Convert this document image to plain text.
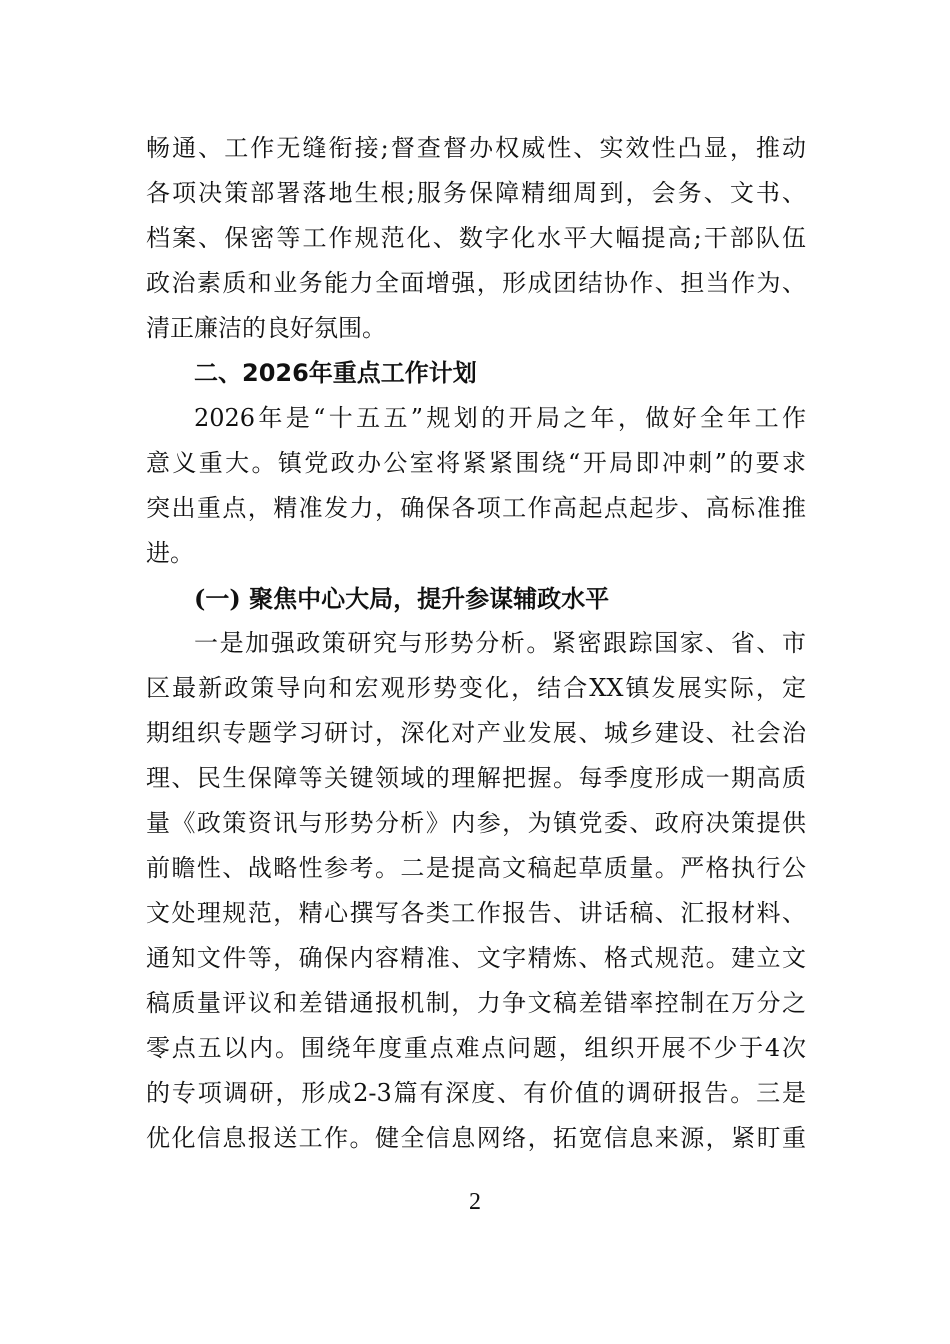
畅通、工作无缝衔接;督查督办权威性、实效性凸显，推动
各项决策部署落地生根;服务保障精细周到，会务、文书、
档案、保密等工作规范化、数字化水平大幅提高;干部队伍
政治素质和业务能力全面增强，形成团结协作、担当作为、
清正廉洁的良好氛围。
二、2026年重点工作计划
2026年是“十五五”规划的开局之年，做好全年工作
意义重大。镇党政办公室将紧紧围绕“开局即冲刺”的要求
突出重点，精准发力，确保各项工作高起点起步、高标准推
进。
(一) 聚焦中心大局，提升参谋辅政水平
一是加强政策研究与形势分析。紧密跟踪国家、省、市
区最新政策导向和宏观形势变化，结合XX镇发展实际，定
期组织专题学习研讨，深化对产业发展、城乡建设、社会治
理、民生保障等关键领域的理解把握。每季度形成一期高质
量《政策资讯与形势分析》内参，为镇党委、政府决策提供
前瞻性、战略性参考。二是提高文稿起草质量。严格执行公
文处理规范，精心撰写各类工作报告、讲话稿、汇报材料、
通知文件等，确保内容精准、文字精炼、格式规范。建立文
稿质量评议和差错通报机制，力争文稿差错率控制在万分之
零点五以内。围绕年度重点难点问题，组织开展不少于4次
的专项调研，形成2-3篇有深度、有价值的调研报告。三是
优化信息报送工作。健全信息网络，拓宽信息来源，紧盯重
2
